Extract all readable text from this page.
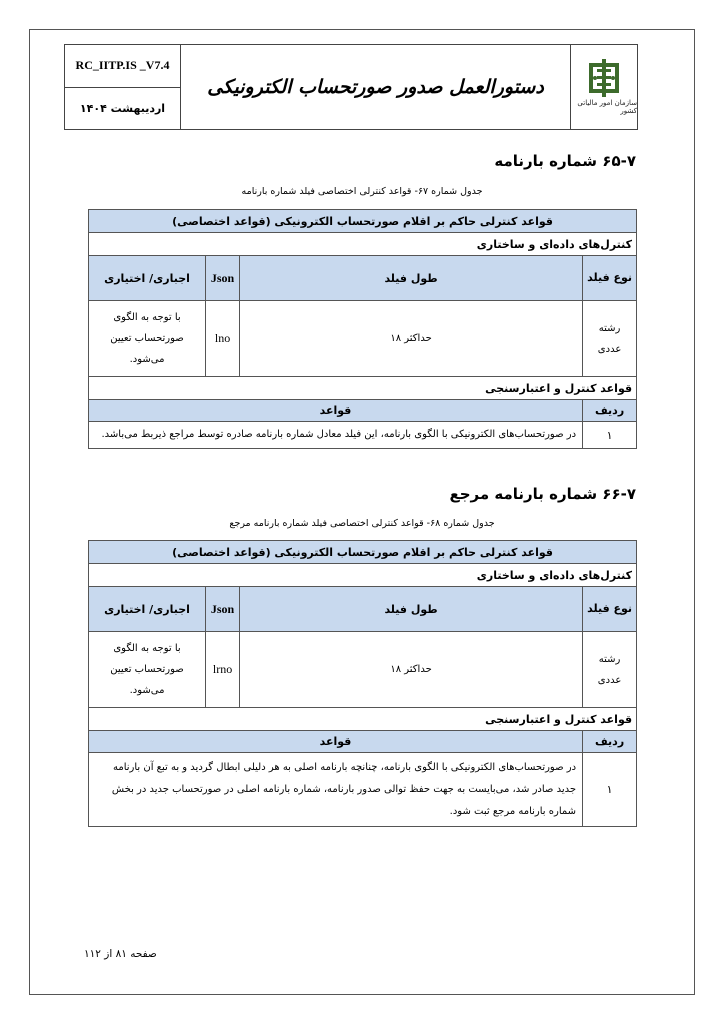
RC_IITP.IS _V7.4
اردیبهشت ۱۴۰۴
دستورالعمل صدور صورتحساب الکترونیکی
سازمان امور مالیاتی کشور
۶۵-۷ شماره بارنامه
جدول شماره ۶۷- قواعد کنترلی اختصاصی فیلد شماره بارنامه
قواعد کنترلی حاکم بر اقلام صورتحساب الکترونیکی (قواعد اختصاصی)			
کنترل‌های داده‌ای و ساختاری			
نوع فیلد	طول فیلد	Json	اجباری/ اختیاری
رشته عددی	حداکثر ۱۸	lno	با توجه به الگوی صورتحساب تعیین می‌شود.
قواعد کنترل و اعتبارسنجی			
ردیف	قواعد		
۱	در صورتحساب‌های الکترونیکی با الگوی بارنامه، این فیلد معادل شماره بارنامه صادره توسط مراجع ذیربط می‌باشد.		
۶۶-۷ شماره بارنامه مرجع
جدول شماره ۶۸- قواعد کنترلی اختصاصی فیلد شماره بارنامه مرجع
قواعد کنترلی حاکم بر اقلام صورتحساب الکترونیکی (قواعد اختصاصی)			
کنترل‌های داده‌ای و ساختاری			
نوع فیلد	طول فیلد	Json	اجباری/ اختیاری
رشته عددی	حداکثر ۱۸	lrno	با توجه به الگوی صورتحساب تعیین می‌شود.
قواعد کنترل و اعتبارسنجی			
ردیف	قواعد		
۱	در صورتحساب‌های الکترونیکی با الگوی بارنامه، چنانچه بارنامه اصلی به هر دلیلی ابطال گردید و به تبع آن بارنامه جدید صادر شد، می‌بایست به جهت حفظ توالی صدور بارنامه، شماره بارنامه اصلی در صورتحساب جدید در بخش شماره بارنامه مرجع ثبت شود.		
صفحه ۸۱ از ۱۱۲
